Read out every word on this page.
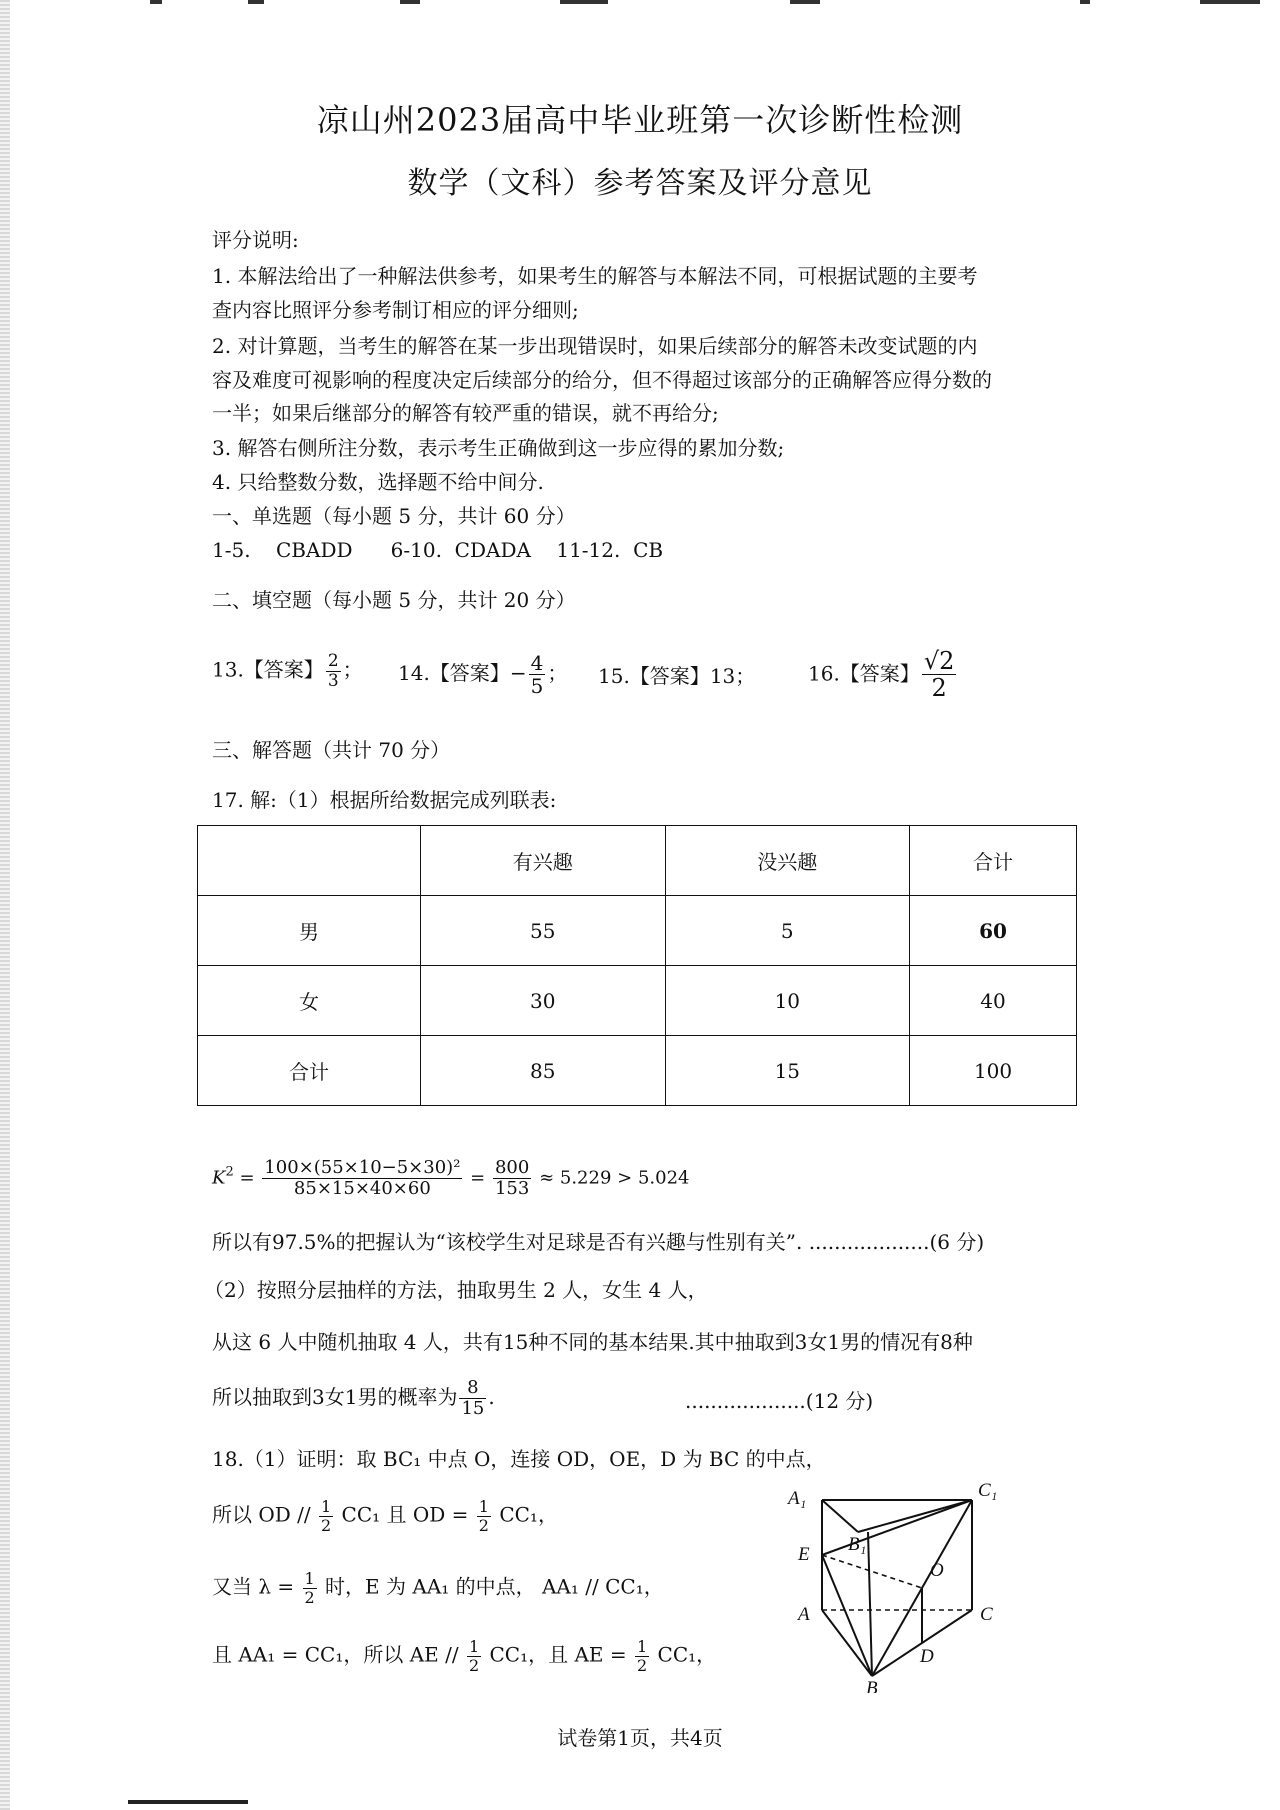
凉山州2023届高中毕业班第一次诊断性检测
数学（文科）参考答案及评分意见
评分说明:
1. 本解法给出了一种解法供参考，如果考生的解答与本解法不同，可根据试题的主要考
查内容比照评分参考制订相应的评分细则;
2. 对计算题，当考生的解答在某一步出现错误时，如果后续部分的解答未改变试题的内
容及难度可视影响的程度决定后续部分的给分，但不得超过该部分的正确解答应得分数的
一半；如果后继部分的解答有较严重的错误，就不再给分;
3. 解答右侧所注分数，表示考生正确做到这一步应得的累加分数;
4. 只给整数分数，选择题不给中间分.
一、单选题（每小题 5 分，共计 60 分）
1-5.    CBADD      6-10.  CDADA    11-12.  CB
二、填空题（每小题 5 分，共计 20 分）
13.【答案】 $\frac{2}{3}$ ； 14.【答案】− $\frac{4}{5}$ ； 15.【答案】13；	16.【答案】 $\frac{√2}{2}$
三、解答题（共计 70 分）
17. 解:（1）根据所给数据完成列联表:
	有兴趣	没兴趣	合计
男	55	5	60
女	30	10	40
合计	85	15	100
$K^2 = \frac{\text{100×(55×10−5×30)²}}{85\times 15\times 40\times 60} = \frac{800}{153} \approx 5.229 > 5.024$
所以有97.5%的把握认为“该校学生对足球是否有兴趣与性别有关”. ...................(6 分)
（2）按照分层抽样的方法，抽取男生 2 人，女生 4 人，
从这 6 人中随机抽取 4 人，共有15种不同的基本结果.其中抽取到3女1男的情况有8种
所以抽取到3女1男的概率为 $\frac{8}{15}$ .	...................(12 分)
18.（1）证明：取 BC₁ 中点 O，连接 OD，OE，D 为 BC 的中点，
所以 OD // $\frac{1}{2} CC_1$ 且 OD = $\frac{1}{2} CC_1$，
又当 $\lambda = \frac{1}{2}$ 时，E 为 AA₁ 的中点， AA₁ // CC₁，
且 AA₁ = CC₁，所以 AE // $\frac{1}{2} CC_1$，且 AE = $\frac{1}{2} CC_1$，
A₁	C₁
B₁
E
O
A	C
D
B
试卷第1页，共4页
